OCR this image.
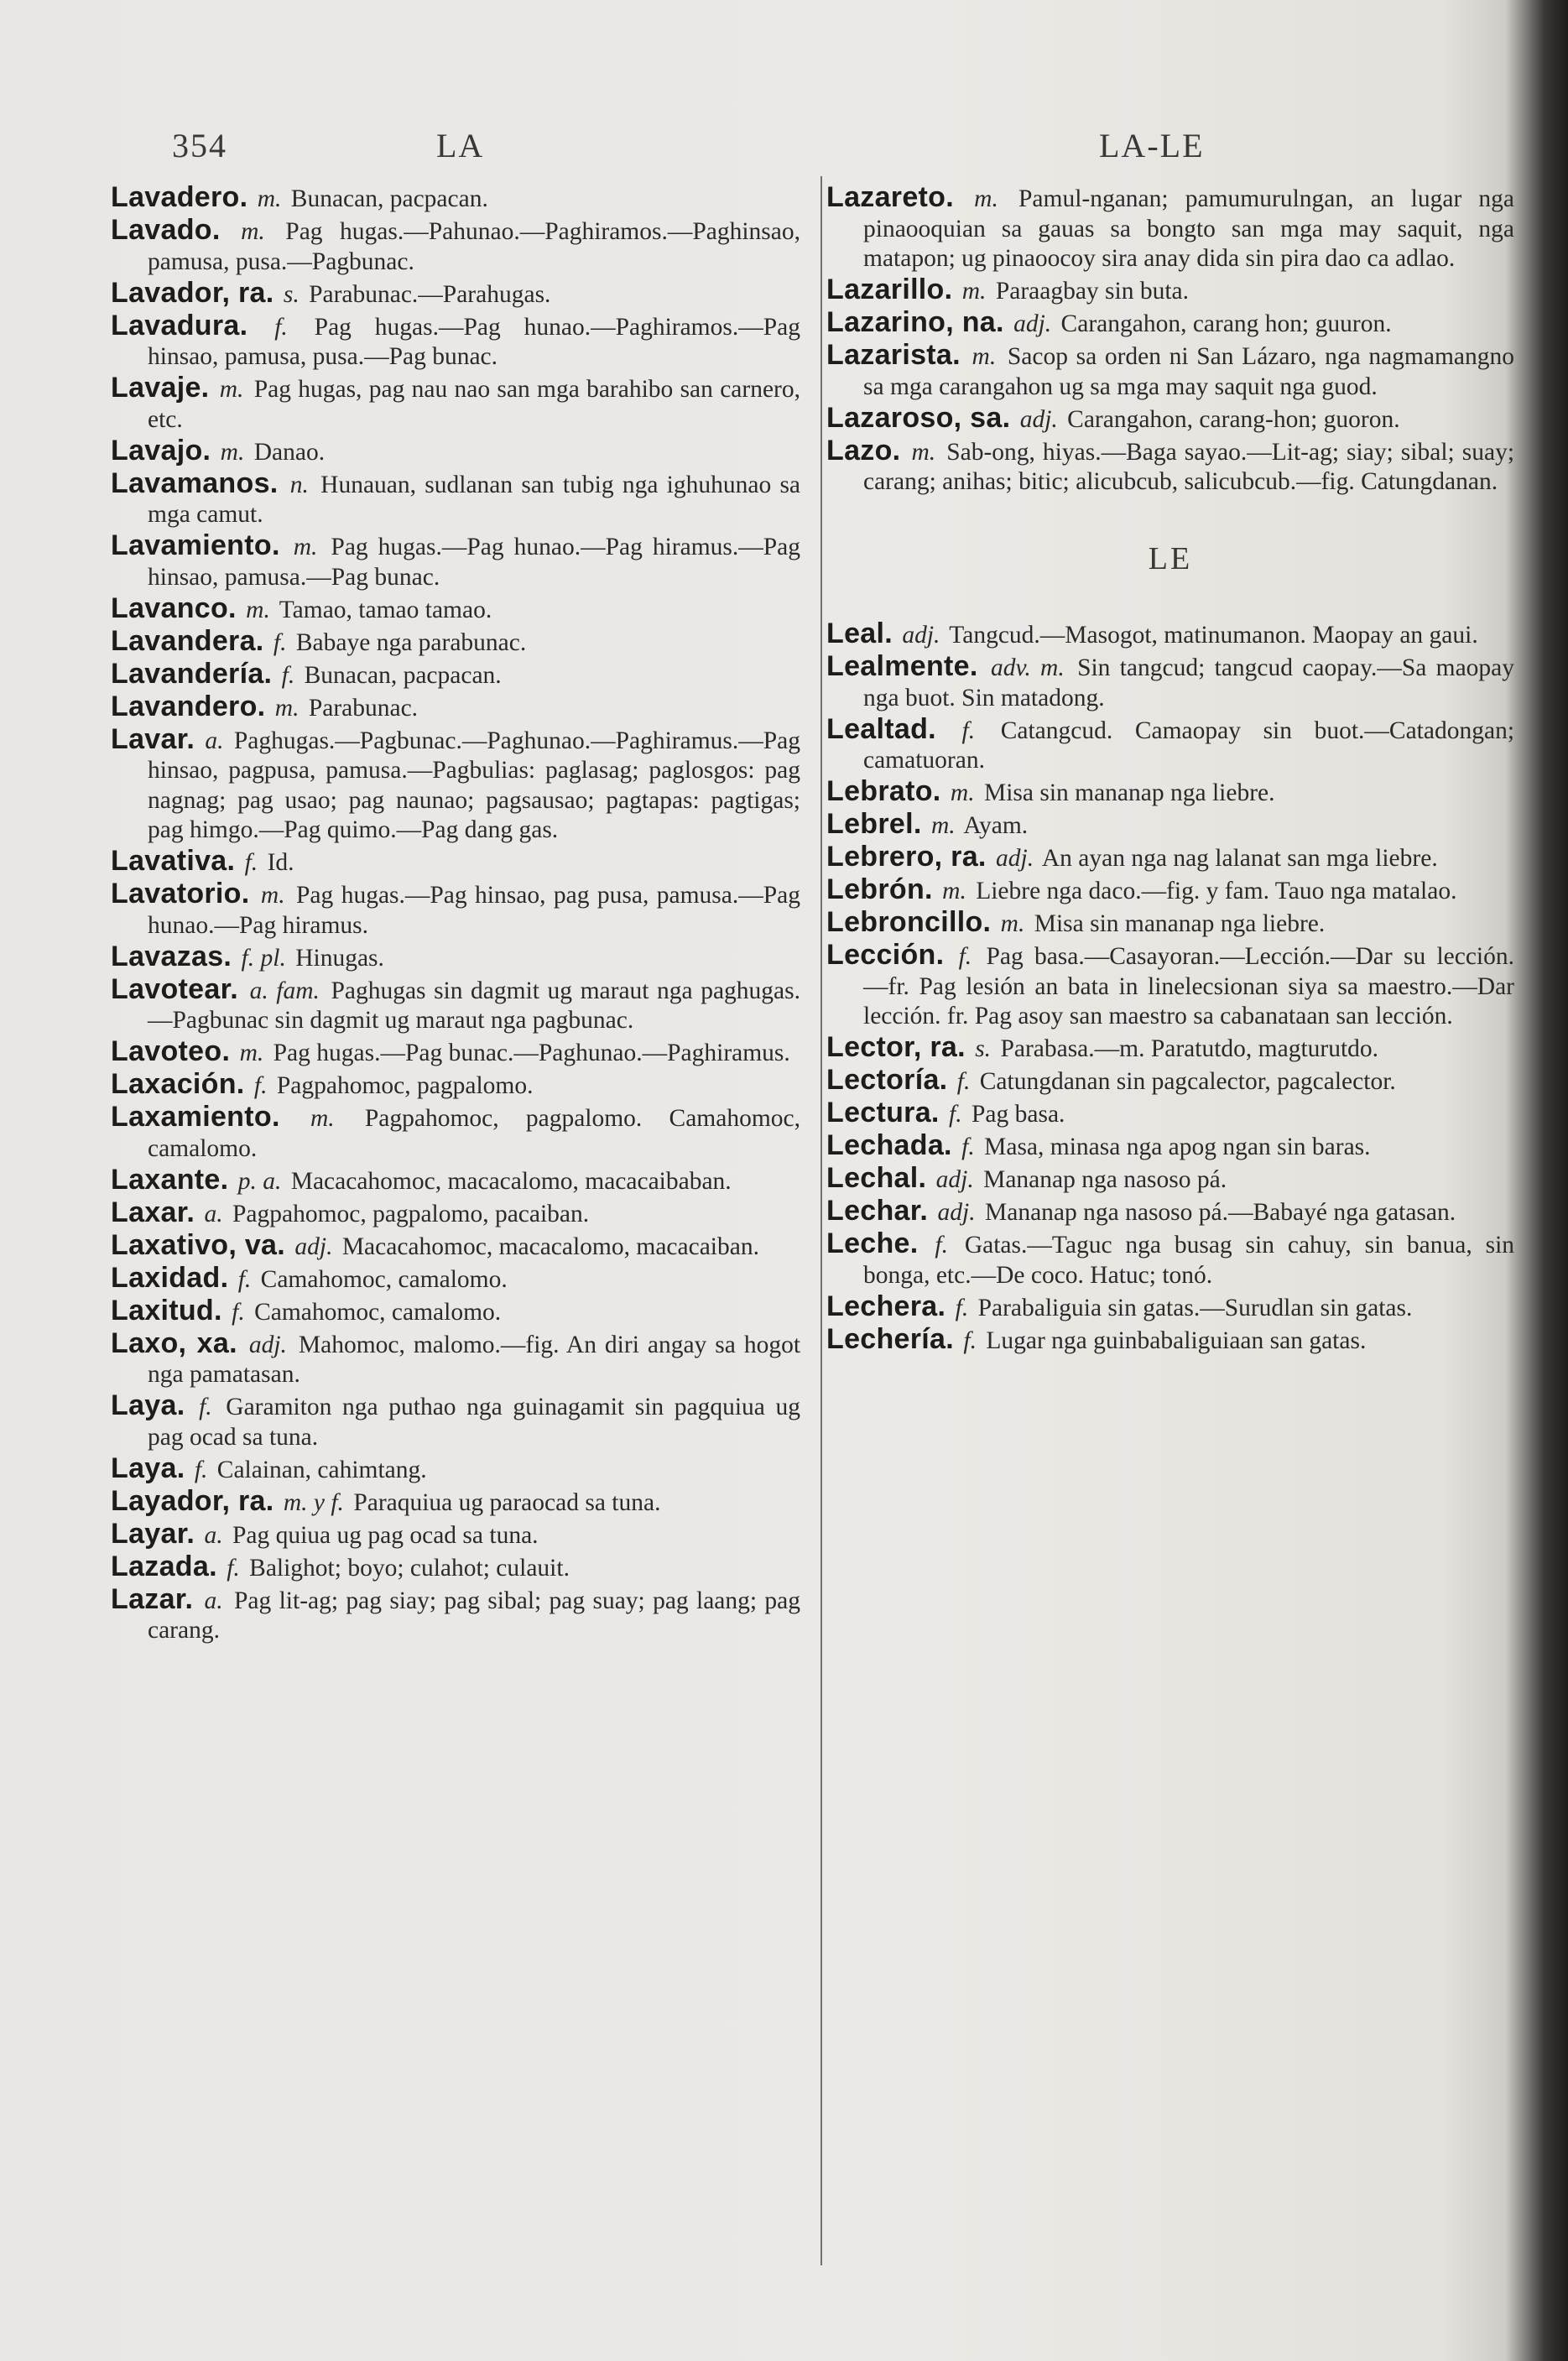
354	LA	LA-LE
Lavadero. m. Bunacan, pacpacan.
Lavado. m. Pag hugas.—Pahunao.—Paghiramos.—Paghinsao, pamusa, pusa.—Pagbunac.
Lavador, ra. s. Parabunac.—Parahugas.
Lavadura. f. Pag hugas.—Pag hunao.—Paghiramos.—Pag hinsao, pamusa, pusa.—Pag bunac.
Lavaje. m. Pag hugas, pag nau nao san mga barahibo san carnero, etc.
Lavajo. m. Danao.
Lavamanos. n. Hunauan, sudlanan san tubig nga ighuhunao sa mga camut.
Lavamiento. m. Pag hugas.—Pag hunao.—Pag hiramus.—Pag hinsao, pamusa.—Pag bunac.
Lavanco. m. Tamao, tamao tamao.
Lavandera. f. Babaye nga parabunac.
Lavandería. f. Bunacan, pacpacan.
Lavandero. m. Parabunac.
Lavar. a. Paghugas.—Pagbunac.—Paghunao.—Paghiramus.—Pag hinsao, pagpusa, pamusa.—Pagbulias: paglasag; paglosgos: pag nagnag; pag usao; pag naunao; pagsausao; pagtapas: pagtigas; pag himgo.—Pag quimo.—Pag dang gas.
Lavativa. f. Id.
Lavatorio. m. Pag hugas.—Pag hinsao, pag pusa, pamusa.—Pag hunao.—Pag hiramus.
Lavazas. f. pl. Hinugas.
Lavotear. a. fam. Paghugas sin dagmit ug maraut nga paghugas.—Pagbunac sin dagmit ug maraut nga pagbunac.
Lavoteo. m. Pag hugas.—Pag bunac.—Paghunao.—Paghiramus.
Laxación. f. Pagpahomoc, pagpalomo.
Laxamiento. m. Pagpahomoc, pagpalomo. Camahomoc, camalomo.
Laxante. p. a. Macacahomoc, macacalomo, macacaibaban.
Laxar. a. Pagpahomoc, pagpalomo, pacaiban.
Laxativo, va. adj. Macacahomoc, macacalomo, macacaiban.
Laxidad. f. Camahomoc, camalomo.
Laxitud. f. Camahomoc, camalomo.
Laxo, xa. adj. Mahomoc, malomo.—fig. An diri angay sa hogot nga pamatasan.
Laya. f. Garamiton nga puthao nga guinagamit sin pagquiua ug pag ocad sa tuna.
Laya. f. Calainan, cahimtang.
Layador, ra. m. y f. Paraquiua ug paraocad sa tuna.
Layar. a. Pag quiua ug pag ocad sa tuna.
Lazada. f. Balighot; boyo; culahot; culauit.
Lazar. a. Pag lit-ag; pag siay; pag sibal; pag suay; pag laang; pag carang.
Lazareto. m. Pamul-nganan; pamumurulngan, an lugar nga pinaooquian sa gauas sa bongto san mga may saquit, nga matapon; ug pinaoocoy sira anay dida sin pira dao ca adlao.
Lazarillo. m. Paraagbay sin buta.
Lazarino, na. adj. Carangahon, carang hon; guuron.
Lazarista. m. Sacop sa orden ni San Lázaro, nga nagmamangno sa mga carangahon ug sa mga may saquit nga guod.
Lazaroso, sa. adj. Carangahon, carang-hon; guoron.
Lazo. m. Sab-ong, hiyas.—Baga sayao.—Lit-ag; siay; sibal; suay; carang; anihas; bitic; alicubcub, salicubcub.—fig. Catungdanan.
LE
Leal. adj. Tangcud.—Masogot, matinumanon. Maopay an gaui.
Lealmente. adv. m. Sin tangcud; tangcud caopay.—Sa maopay nga buot. Sin matadong.
Lealtad. f. Catangcud. Camaopay sin buot.—Catadongan; camatuoran.
Lebrato. m. Misa sin mananap nga liebre.
Lebrel. m. Ayam.
Lebrero, ra. adj. An ayan nga nag lalanat san mga liebre.
Lebrón. m. Liebre nga daco.—fig. y fam. Tauo nga matalao.
Lebroncillo. m. Misa sin mananap nga liebre.
Lección. f. Pag basa.—Casayoran.—Lección.—Dar su lección.—fr. Pag lesión an bata in linelecsionan siya sa maestro.—Dar lección. fr. Pag asoy san maestro sa cabanataan san lección.
Lector, ra. s. Parabasa.—m. Paratutdo, magturutdo.
Lectoría. f. Catungdanan sin pagcalector, pagcalector.
Lectura. f. Pag basa.
Lechada. f. Masa, minasa nga apog ngan sin baras.
Lechal. adj. Mananap nga nasoso pá.
Lechar. adj. Mananap nga nasoso pá.—Babayé nga gatasan.
Leche. f. Gatas.—Taguc nga busag sin cahuy, sin banua, sin bonga, etc.—De coco. Hatuc; tonó.
Lechera. f. Parabaliguia sin gatas.—Surudlan sin gatas.
Lechería. f. Lugar nga guinbabaliguiaan san gatas.
